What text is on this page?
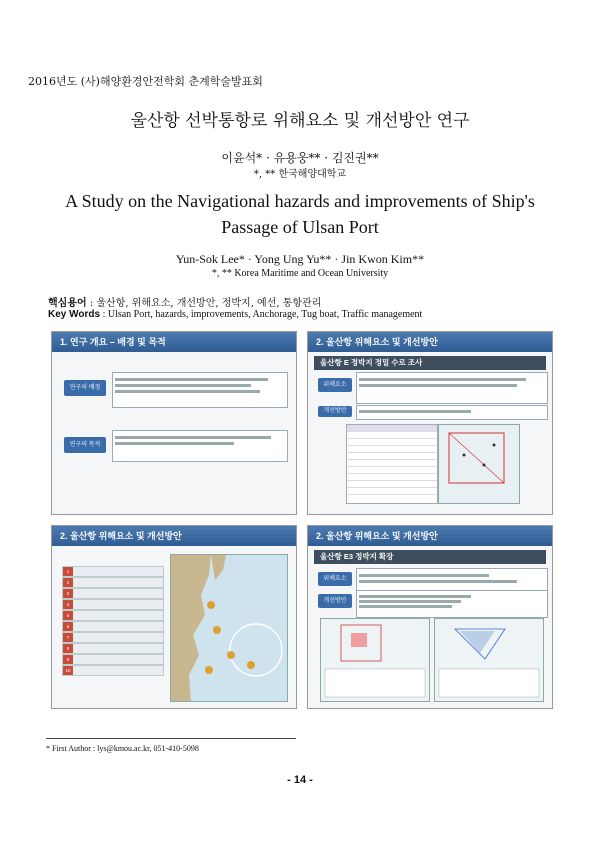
2016년도 (사)해양환경안전학회 춘계학술발표회
울산항 선박통항로 위해요소 및 개선방안 연구
이윤석* · 유용웅** · 김진권**
*, ** 한국해양대학교
A Study on the Navigational hazards and improvements of Ship's Passage of Ulsan Port
Yun-Sok Lee* · Yong Ung Yu** · Jin Kwon Kim**
*, ** Korea Maritime and Ocean University
핵심용어 : 울산항, 위해요소, 개선방안, 정박지, 예선, 통항관리
Key Words : Ulsan Port, hazards, improvements, Anchorage, Tug boat, Traffic management
1. 연구 개요 – 배경 및 목적
연구의 배경
연구의 목적
2. 울산항 위해요소 및 개선방안
울산항 E 정박지 정밀 수로 조사
위해요소
개선방안
2. 울산항 위해요소 및 개선방안
1
2
3
4
5
6
7
8
9
10
2. 울산항 위해요소 및 개선방안
울산항 E3 정박지 확장
위해요소
개선방안
* First Author : lys@kmou.ac.kr, 051-410-5098
- 14 -
